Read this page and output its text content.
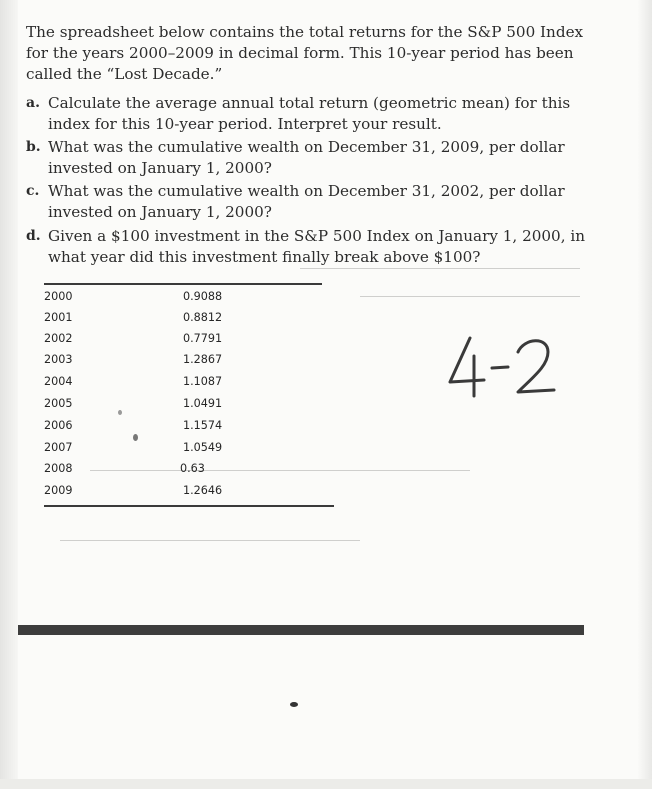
The spreadsheet below contains the total returns for the S&P 500 Index for the years 2000–2009 in decimal form. This 10-year period has been called the “Lost Decade.”
a. Calculate the average annual total return (geometric mean) for this index for this 10-year period. Interpret your result.
b. What was the cumulative wealth on December 31, 2009, per dollar invested on January 1, 2000?
c. What was the cumulative wealth on December 31, 2002, per dollar invested on January 1, 2000?
d. Given a $100 investment in the S&P 500 Index on January 1, 2000, in what year did this investment finally break above $100?
2000	0.9088
2001	0.8812
2002	0.7791
2003	1.2867
2004	1.1087
2005	1.0491
2006	1.1574
2007	1.0549
2008	0.63
2009	1.2646
